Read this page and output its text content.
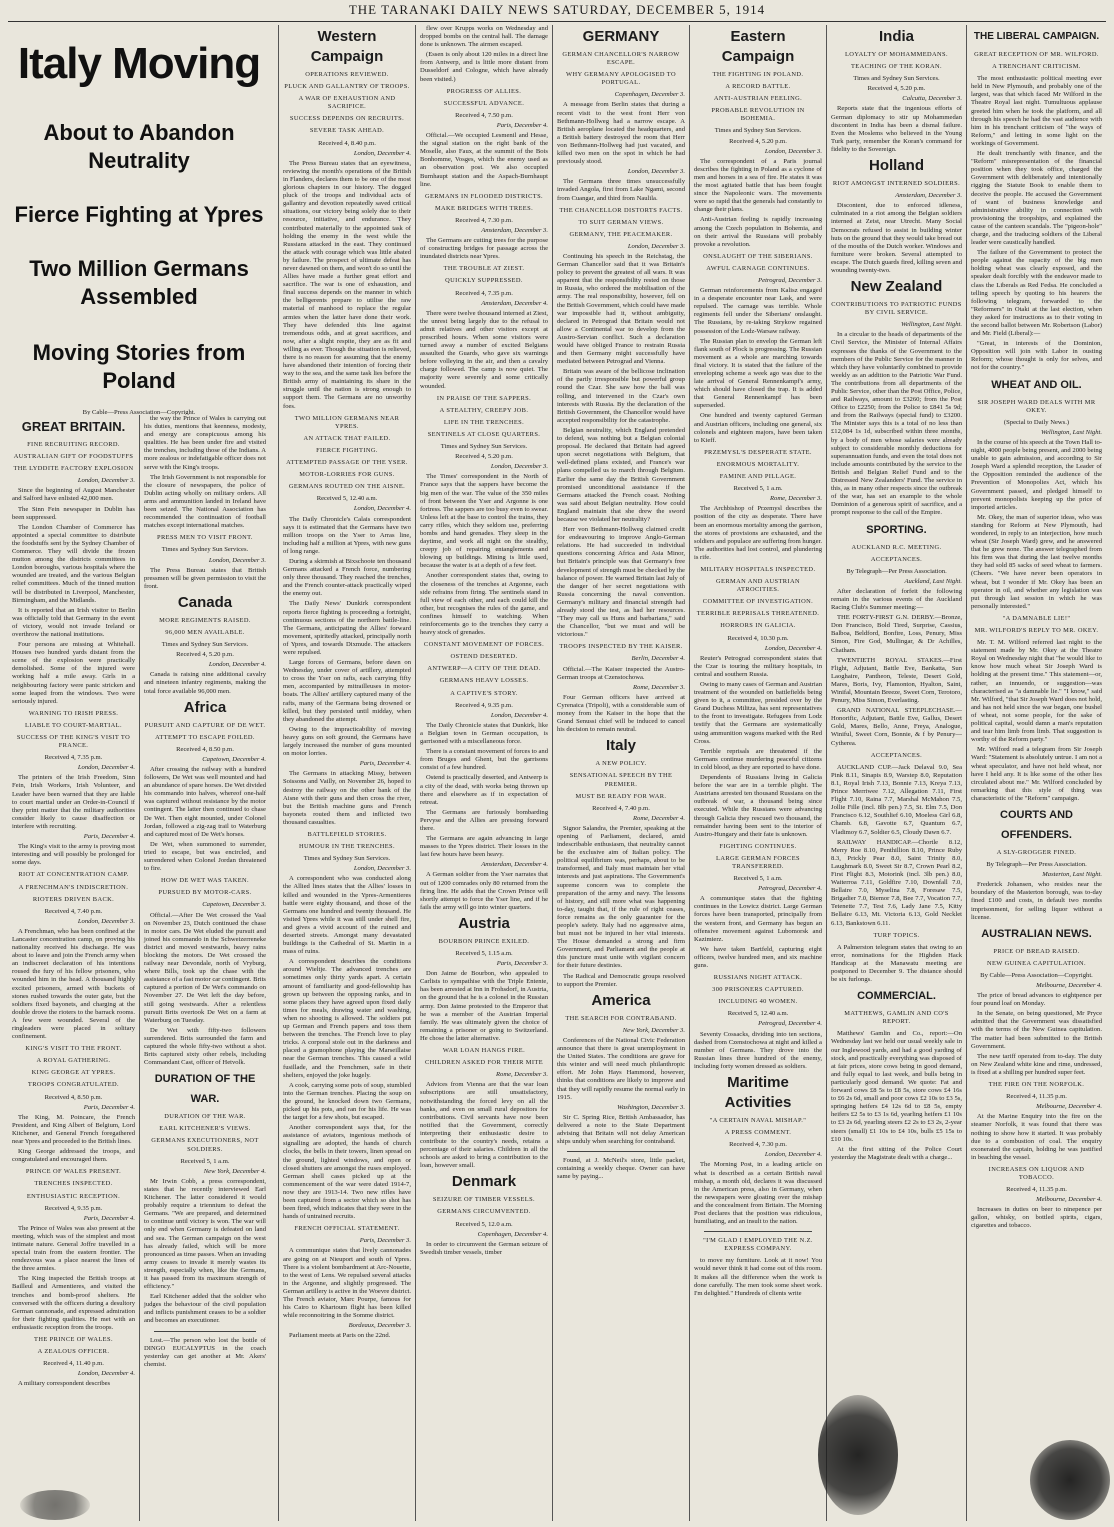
THE TARANAKI DAILY NEWS SATURDAY, DECEMBER 5, 1914
Italy Moving
About to Abandon Neutrality
Fierce Fighting at Ypres
Two Million Germans Assembled
Moving Stories from Poland
By Cable—Press Association—Copyright.
GREAT BRITAIN.
FINE RECRUITING RECORD.
AUSTRALIAN GIFT OF FOODSTUFFS
THE LYDDITE FACTORY EXPLOSION
London, December 3.

Since the beginning of August Manchester and Salford have enlisted 42,000 men.

The Sinn Fein newspaper in Dublin has been suppressed.

The London Chamber of Commerce has appointed a special committee to distribute the foodstuffs sent by the Sydney Chamber of Commerce. They will divide the frozen mutton among the districts committees in London boroughs, various hospitals where the wounded are treated, and the various Belgian relief committees. Much of the tinned mutton will be distributed in Liverpool, Manchester, Birmingham, and the Midlands.

It is reported that an Irish visitor to Berlin was officially told that Germany in the event of victory, would not invade Ireland or overthrow the national institutions.

Four persons are missing at Whitehall. Houses two hundred yards distant from the scene of the explosion were practically demolished. Some of the injured were working half a mile away. Girls in a neighbouring factory were panic stricken and some leaped from the windows. Two were seriously injured.

WARNING TO IRISH PRESS.
LIABLE TO COURT-MARTIAL.
SUCCESS OF THE KING'S VISIT TO FRANCE.
Received 4, 7.35 p.m.
London, December 4.

The printers of the Irish Freedom, Sinn Fein, Irish Workers, Irish Volunteer, and Leader have been warned that they are liable to court martial under an Order-in-Council if they print matter that the military authorities consider likely to cause disaffection or interfere with recruiting.

Paris, December 4.

The King's visit to the army is proving most interesting and will possibly be prolonged for some days.

RIOT AT CONCENTRATION CAMP.
A FRENCHMAN'S INDISCRETION.
RIOTERS DRIVEN BACK.
Received 4, 7.40 p.m.
London, December 3.

A Frenchman, who has been confined at the Lancaster concentration camp, on proving his nationality received his discharge. He was about to leave and join the French army when an indiscreet declaration of his intentions roused the fury of his fellow prisoners, who wounded him in the head. A thousand highly excited prisoners, armed with buckets of stones rushed towards the outer gate, but the soldiers fixed bayonets, and charging at the double drove the rioters to the barrack rooms. A few were wounded. Several of the ringleaders were placed in solitary confinement.

KING'S VISIT TO THE FRONT.
A ROYAL GATHERING.
KING GEORGE AT YPRES.
TROOPS CONGRATULATED.
Received 4, 8.50 p.m.
Paris, December 4.

The King, M. Poincare, the French President, and King Albert of Belgium, Lord Kitchener, and General French foregathered near Ypres and proceeded to the British lines.

King George addressed the troops, and congratulated and encouraged them.

PRINCE OF WALES PRESENT.
TRENCHES INSPECTED.
ENTHUSIASTIC RECEPTION.
Received 4, 9.35 p.m.
Paris, December 4.

The Prince of Wales was also present at the meeting, which was of the simplest and most intimate nature. General Joffre travelled in a special train from the eastern frontier. The rendezvous was a place nearest the lines of the three armies.

The King inspected the British troops at Bailleul and Armentieres, and visited the trenches and bomb-proof shelters. He conversed with the officers during a desultory German cannonade, and expressed admiration for their fighting qualities. He met with an enthusiastic reception from the troops.

THE PRINCE OF WALES.
A ZEALOUS OFFICER.
Received 4, 11.40 p.m.
London, December 4.

A military correspondent describes

the way the Prince of Wales is carrying out his duties, mentions that keenness, modesty, and energy are conspicuous among his qualities. He has been under fire and visited the trenches, including those of the Indians. A more zealous or indefatigable officer does not serve with the King's troops.

The Irish Government is not responsible for the closure of newspapers, the police of Dublin acting wholly on military orders. All arms and ammunition landed in Ireland have been seized. The National Association has recommended the continuation of football matches except international matches.

PRESS MEN TO VISIT FRONT.
Times and Sydney Sun Services.
London, December 3.

The Press Bureau states that British pressmen will be given permission to visit the front.

Canada
MORE REGIMENTS RAISED.
96,000 MEN AVAILABLE.
Times and Sydney Sun Services.
Received 4, 5.20 p.m.
London, December 4.

Canada is raising nine additional cavalry and nineteen infantry regiments, making the total force available 96,000 men.

Africa
PURSUIT AND CAPTURE OF DE WET.
ATTEMPT TO ESCAPE FOILED.
Received 4, 8.50 p.m.
Capetown, December 4.

After crossing the railway with a hundred followers, De Wet was well mounted and had an abundance of spare horses. De Wet divided his commando into halves, whereof one-half was captured without resistance by the motor contingent. The latter then continued to chase De Wet. Then eight mounted, under Colonel Jordan, followed a zig-zag trail to Waterburg and captured most of De Wet's horses.

De Wet, when summoned to surrender, tried to escape, but was encircled, and surrendered when Colonel Jordan threatened to fire.

HOW DE WET WAS TAKEN.
PURSUED BY MOTOR-CARS.
Capetown, December 3.

Official.—After De Wet crossed the Vaal on November 23, Dutch continued the chase in motor cars. De Wet eluded the pursuit and joined his commando in the Schweizerreneke district and moved westwards, heavy rains blocking the motors. De Wet crossed the railway near Devondale, north of Vryburg, where Bills, took up the chase with the assistance of a fast motor car contingent. Brits captured a portion of De Wet's commando on November 27. De Wet left the day before, still going westwards. After a relentless pursuit Brits overtook De Wet on a farm at Waterburg on Tuesday.

De Wet with fifty-two followers surrendered. Brits surrounded the farm and captured the whole fifty-two without a shot. Brits captured sixty other rebels, including Commandant Cast, officer of Hetvolk.

DURATION OF THE WAR.
DURATION OF THE WAR.
EARL KITCHENER'S VIEWS.
GERMANS EXECUTIONERS, NOT SOLDIERS.
Received 5, 1 a.m.
New York, December 4.

Mr Irwin Cobb, a press correspondent, states that he recently interviewed Earl Kitchener. The latter considered it would probably require a triennium to defeat the Germans. "We are prepared, and determined to continue until victory is won. The war will only end when Germany is defeated on land and sea. The German campaign on the west has already failed, which will be more pronounced as time passes. When an invading army ceases to invade it merely wastes its strength, especially when, like the Germans, it has passed from its maximum strength of efficiency."

Earl Kitchener added that the soldier who judges the behaviour of the civil population and inflicts punishment ceases to be a soldier and becomes an executioner.

Lost.—The person who lost the bottle of DINGO EUCALYPTUS in the coach yesterday can get another at Mr. Akers' chemist.

Western Campaign
OPERATIONS REVIEWED.
PLUCK AND GALLANTRY OF TROOPS.
A WAR OF EXHAUSTION AND SACRIFICE.
SUCCESS DEPENDS ON RECRUITS.
SEVERE TASK AHEAD.
Received 4, 8.40 p.m.
London, December 4.

The Press Bureau states that an eyewitness, reviewing the month's operations of the British in Flanders, declares them to be one of the most glorious chapters in our history. The dogged pluck of the troops and individual acts of gallantry and devotion repeatedly saved critical situations, our victory being solely due to their resource, initiative, and endurance. They contributed materially to the appointed task of holding the enemy in the west while the Russians attacked in the east. They continued the attack with courage which was little abated by failure. The prospect of ultimate defeat has never dawned on them, and won't do so until the Allies have made a further great effort and sacrifice. The war is one of exhaustion, and final success depends on the manner in which the belligerents prepare to utilise the raw material of manhood to replace the regular armies when the latter have done their work. They have defended this line against tremendous odds, and at great sacrifices, and now, after a slight respite, they are as fit and willing as ever. Though the situation is relieved, there is no reason for assuming that the enemy have abandoned their intention of forcing their way to the sea, and the same task lies before the British army of maintaining its share in the struggle until the nation is strong enough to support them. The Germans are no unworthy foes.

TWO MILLION GERMANS NEAR YPRES.
AN ATTACK THAT FAILED.
FIERCE FIGHTING.
ATTEMPTED PASSAGE OF THE YSER.
MOTOR-LORRIES FOR GUNS.
GERMANS ROUTED ON THE AISNE.
Received 5, 12.40 a.m.
London, December 4.

The Daily Chronicle's Calais correspondent says it is estimated that the Germans have two million troops on the Yser to Arras line, including half a million at Ypres, with new guns of long range.

During a skirmish at Bixschoote ten thousand Germans attacked a French force, numbering only three thousand. They reached the trenches, and the French counter-attack practically wiped the enemy out.

The Daily News' Dunkirk correspondent reports fierce fighting is proceeding a fortnight, continuous sections of the northern battle-line. The Germans, anticipating the Allies' forward movement, spiritedly attacked, principally north of Ypres, and towards Dixmude. The attackers were repulsed.

Large forces of Germans, before dawn on Wednesday, under cover of artillery, attempted to cross the Yser on rafts, each carrying fifty men, accompanied by mitrailleuses in motor-boats. The Allies' artillery captured many of the rafts, many of the Germans being drowned or killed, but they persisted until midday, when they abandoned the attempt.

Owing to the impracticability of moving heavy guns on soft ground, the Germans have largely increased the number of guns mounted on motor lorries.

Paris, December 4.

The Germans in attacking Missy, between Soissons and Vailly, on November 26, hoped to destroy the railway on the other bank of the Aisne with their guns and then cross the river, but the British machine guns and French bayonets routed them and inflicted two thousand casualties.

BATTLEFIELD STORIES.
HUMOUR IN THE TRENCHES.
Times and Sydney Sun Services.
London, December 3.

A correspondent who was conducted along the Allied lines states that the Allies' losses in killed and wounded in the Ypres-Armentieres battle were eighty thousand, and those of the Germans one hundred and twenty thousand. He visited Ypres while it was still under shell fire, and gives a vivid account of the ruined and deserted streets. Amongst many devastated buildings is the Cathedral of St. Martin in a mass of ruins.

A correspondent describes the conditions around Wieltje. The advanced trenches are sometimes only thirty yards apart. A certain amount of familiarity and good-fellowship has grown up between the opposing ranks, and in some places they have agreed upon fixed daily times for meals, drawing water and washing, when no shooting is allowed. The soldiers put up German and French papers and toss them between the trenches. The French love to play tricks. A corporal stole out in the darkness and placed a gramophone playing the Marseillaise near the German trenches. This caused a wild fusillade, and the Frenchmen, safe in their shelters, enjoyed the joke hugely.

A cook, carrying some pots of soup, stumbled into the German trenches. Placing the soup on the ground, he knocked down two Germans, picked up his pots, and ran for his life. He was the target for a few shots, but escaped.

Another correspondent says that, for the assistance of aviators, ingenious methods of signalling are adopted, the hands of church clocks, the bells in their towers, linen spread on the ground, lighted windows, and open or closed shutters are amongst the ruses employed. German shell cases picked up at the commencement of the war were dated 1914-7, now they are 1913-14. Two new rifles have been captured from a sector which so shot has been fired, which indicates that they were in the hands of untrained recruits.

FRENCH OFFICIAL STATEMENT.
Paris, December 3.

A communique states that lively cannonades are going on at Nieuport and south of Ypres. There is a violent bombardment at Arc-Nouette, to the west of Lens. We repulsed several attacks in the Argonne, and slightly progressed. The German artillery is active in the Woevre district. The French aviator, Marc Pourpe, famous for his Cairo to Khartoum flight has been killed while reconnoitring in the Somme district.

Bordeaux, December 3.

Parliament meets at Paris on the 22nd.

flew over Krupps works on Wednesday and dropped bombs on the central hall. The damage done is unknown. The airmen escaped.

(Essen is only about 120 miles in a direct line from Antwerp, and is little more distant from Dusseldorf and Cologne, which have already been visited.)

PROGRESS OF ALLIES.
SUCCESSFUL ADVANCE.
Received 4, 7.50 p.m.
Paris, December 4.

Official.—We occupied Lesmenil and Hesse, the signal station on the right bank of the Moselle, also Faux, at the summit of the Bois Bonhomme, Vosges, which the enemy used as an observation post. We also occupied Burnhaupt station and the Aspach-Burnhaupt line.

GERMANS IN FLOODED DISTRICTS.
MAKE BRIDGES WITH TREES.
Received 4, 7.30 p.m.
Amsterdam, December 3.

The Germans are cutting trees for the purpose of constructing bridges for passage across the inundated districts near Ypres.

THE TROUBLE AT ZIEST.
QUICKLY SUPPRESSED.
Received 4, 7.35 p.m.
Amsterdam, December 4.

There were twelve thousand interned at Ziest, the unrest being largely due to the refusal to admit relatives and other visitors except at prescribed hours. When some visitors were turned away a number of excited Belgians assaulted the Guards, who gave six warnings before volleying in the air, and then a cavalry charge followed. The camp is now quiet. The majority were severely and some critically wounded.

IN PRAISE OF THE SAPPERS.
A STEALTHY, CREEPY JOB.
LIFE IN THE TRENCHES.
SENTINELS AT CLOSE QUARTERS.
Times and Sydney Sun Services.
Received 4, 5.20 p.m.
London, December 3.

The Times' correspondent in the North of France says that the sappers have become the big men of the war. The value of the 350 miles of front between the Yser and Argonne is one fortress. The sappers are too busy even to swear. Unless left at the base to control the trains, they carry rifles, which they seldom use, preferring bombs and hand grenades. They sleep in the daytime, and work all night on the stealthy, creepy job of repairing entanglements and blowing up buildings. Mining is little used, because the water is at a depth of a few feet.

Another correspondent states that, owing to the closeness of the trenches at Argonne, each side refrains from firing. The sentinels stand in full view of each other, and each could kill the other, but recognises the rules of the game, and confines himself to watching. When reinforcements go to the trenches they carry a heavy stock of grenades.

CONSTANT MOVEMENT OF FORCES.
OSTEND DESERTED.
ANTWERP—A CITY OF THE DEAD.
GERMANS HEAVY LOSSES.
A CAPTIVE'S STORY.
Received 4, 9.35 p.m.
London, December 4.

The Daily Chronicle states that Dunkirk, like a Belgian town in German occupation, is garrisoned with a miscellaneous force.

There is a constant movement of forces to and from Bruges and Ghent, but the garrisons consist of a few hundred.

Ostend is practically deserted, and Antwerp is a city of the dead, with works being thrown up there and elsewhere as if in expectation of retreat.

The Germans are furiously bombarding Pervyse and the Allies are pressing forward there.

The Germans are again advancing in large masses to the Ypres district. Their losses in the last few hours have been heavy.

Amsterdam, December 4.

A German soldier from the Yser narrates that out of 1200 comrades only 80 returned from the firing line. He adds that the Crown Prince will shortly attempt to force the Yser line, and if he fails the army will go into winter quarters.

Austria
BOURBON PRINCE EXILED.
Received 5, 1.15 a.m.
Paris, December 3.

Don Jaime de Bourbon, who appealed to Carlists to sympathise with the Triple Entente, has been arrested at Inn in Frohsdorf, in Austria, on the ground that he is a colonel in the Russian army. Don Jaime protested to the Emperor that he was a member of the Austrian Imperial family. He was ultimately given the choice of remaining a prisoner or going to Switzerland. He chose the latter alternative.

WAR LOAN HANGS FIRE.
CHILDREN ASKED FOR THEIR MITE
Rome, December 3.

Advices from Vienna are that the war loan subscriptions are still unsatisfactory, notwithstanding the forced levy on all the banks, and even on small rural depositors for contributions. Civil servants have now been notified that the Government, correctly interpreting their enthusiastic desire to contribute to the country's needs, retains a percentage of their salaries. Children in all the schools are asked to bring a contribution to the loan, however small.

Denmark
SEIZURE OF TIMBER VESSELS.
GERMANS CIRCUMVENTED.
Received 5, 12.0 a.m.
Copenhagen, December 4.

In order to circumvent the German seizure of Swedish timber vessels, timber

GERMANY
GERMAN CHANCELLOR'S NARROW ESCAPE.
WHY GERMANY APOLOGISED TO PORTUGAL.
Copenhagen, December 3.

A message from Berlin states that during a recent visit to the west front Herr von Bethmann-Hollweg had a narrow escape. A British aeroplane located the headquarters, and a British battery destroyed the room that Herr von Bethmann-Hollweg had just vacated, and killed two men on the spot in which he had previously stood.

London, December 3.

The Germans three times unsuccessfully invaded Angola, first from Lake Ngami, second from Cuangar, and third from Naulila.

THE CHANCELLOR DISTORTS FACTS.
TO SUIT GERMAN VIEWS.
GERMANY, THE PEACEMAKER.
London, December 3.

Continuing his speech in the Reichstag, the German Chancellor said that it was Britain's policy to prevent the greatest of all wars. It was apparent that the responsibility rested on those in Russia, who ordered the mobilisation of the army. The real responsibility, however, fell on the British Government, which could have made war impossible had it, without ambiguity, declared in Petrograd that Britain would not allow a Continental war to develop from the Austro-Servian conflict. Such a declaration would have obliged France to restrain Russia and then Germany might successfully have mediated between Petrograd and Vienna.

Britain was aware of the bellicose inclination of the partly irresponsible but powerful group round the Czar. She saw how the ball was rolling, and intervened in the Czar's own interests with Russia. By the declaration of the British Government, the Chancellor would have accepted responsibility for the catastrophe.

Belgian neutrality, which England pretended to defend, was nothing but a Belgian colonial proposal. He declared that Britain had agreed upon secret negotiations with Belgium, that well-defined plans existed, and France's war plans compelled us to march through Belgium. Earlier the same day the British Government promised unconditional assistance if the Germans attacked the French coast. Nothing was said about Belgian neutrality. How could England maintain that she drew the sword because we violated her neutrality?

Herr von Bethmann-Hollweg claimed credit for endeavouring to improve Anglo-German relations. He had succeeded in individual questions concerning Africa and Asia Minor, but Britain's principle was that Germany's free development of strength must be checked by the balance of power. He warned Britain last July of the danger of her secret negotiations with Russia concerning the naval convention. Germany's military and financial strength had already stood the test, as had her resources. "They may call us Huns and barbarians," said the Chancellor, "but we must and will be victorious."

TROOPS INSPECTED BY THE KAISER.
Berlin, December 4.

Official.—The Kaiser inspected the Austro-German troops at Czenstochowa.

Rome, December 3.

Four German officers have arrived at Cyrenaica (Tripoli), with a considerable sum of money from the Kaiser in the hope that the Grand Senussi chief will be induced to cancel his decision to remain neutral.

Italy
A NEW POLICY.
SENSATIONAL SPEECH BY THE PREMIER.
MUST BE READY FOR WAR.
Received 4, 7.40 p.m.
Rome, December 4.

Signor Salandra, the Premier, speaking at the opening of Parliament, declared, amid indescribable enthusiasm, that neutrality cannot be the exclusive aim of Italian policy. The political equilibrium was, perhaps, about to be transformed, and Italy must maintain her vital interests and just aspirations. The Government's supreme concern was to complete the preparation of the army and navy. The lessons of history, and still more what was happening to-day, taught that, if the rule of right ceases, force remains as the only guarantee for the people's safety. Italy had no aggressive aims, but must not be injured in her vital interests. The House demanded a strong and firm Government, and Parliament and the people at this juncture must unite with vigilant concern for their future destinies.

The Radical and Democratic groups resolved to support the Premier.

America
THE SEARCH FOR CONTRABAND.
New York, December 3.

Conferences of the National Civic Federation announce that there is great unemployment in the United States. The conditions are grave for this winter and will need much philanthropic effort. Mr John Hays Hammond, however, thinks that conditions are likely to improve and that they will rapidly resume the normal early in 1915.

Washington, December 3.

Sir C. Spring Rice, British Ambassador, has delivered a note to the State Department advising that Britain will not delay American ships unduly when searching for contraband.

Found, at J. McNeil's store, little packet, containing a weekly cheque. Owner can have same by paying...

Eastern Campaign
THE FIGHTING IN POLAND.
A RECORD BATTLE.
ANTI-AUSTRIAN FEELING.
PROBABLE REVOLUTION IN BOHEMIA.
Times and Sydney Sun Services.
Received 4, 5.20 p.m.
London, December 3.

The correspondent of a Paris journal describes the fighting in Poland as a cyclone of men and horses in a sea of fire. He states it was the most agitated battle that has been fought since the Napoleonic wars. The movements were so rapid that the generals had constantly to change their plans.

Anti-Austrian feeling is rapidly increasing among the Czech population in Bohemia, and on their arrival the Russians will probably provoke a revolution.

ONSLAUGHT OF THE SIBERIANS.
AWFUL CARNAGE CONTINUES.
Petrograd, December 3.

German reinforcements from Kalisz engaged in a desperate encounter near Lask, and were repulsed. The carnage was terrible. Whole regiments fell under the Siberians' onslaught. The Russians, by re-taking Strykow regained possession of the Lodz-Warsaw railway.

The Russian plan to envelop the German left flank south of Plock is progressing. The Russian movement as a whole are marching towards final victory. It is stated that the failure of the enveloping scheme a week ago was due to the late arrival of General Rennenkampf's army, which should have closed the trap. It is added that General Rennenkampf has been superseded.

One hundred and twenty captured German and Austrian officers, including one general, six colonels and eighteen majors, have been taken to Kieff.

PRZEMYSL'S DESPERATE STATE.
ENORMOUS MORTALITY.
FAMINE AND PILLAGE.
Received 5, 1 a.m.
Rome, December 3.

The Archbishop of Przemysl describes the position of the city as desperate. There have been an enormous mortality among the garrison, the stores of provisions are exhausted, and the soldiers and populace are suffering from hunger. The authorities had lost control, and plundering is rife.

MILITARY HOSPITALS INSPECTED.
GERMAN AND AUSTRIAN ATROCITIES.
COMMITTEE OF INVESTIGATION.
TERRIBLE REPRISALS THREATENED.
HORRORS IN GALICIA.
Received 4, 10.30 p.m.
London, December 4.

Reuter's Petrograd correspondent states that the Czar is touring the military hospitals, in central and southern Russia.

Owing to many cases of German and Austrian treatment of the wounded on battlefields being given to it, a committee, presided over by the Grand Duchess Militza, has sent representatives to the front to investigate. Refugees from Lodz testify that the Germans are systematically using ammunition wagons marked with the Red Cross.

Terrible reprisals are threatened if the Germans continue murdering peaceful citizens in cold blood, as they are reported to have done.

Dependents of Russians living in Galicia before the war are in a terrible plight. The Austrians arrested ten thousand Russians on the outbreak of war, a thousand being since executed. While the Russians were advancing through Galicia they rescued two thousand, the remainder having been sent to the interior of Austro-Hungary and their fate is unknown.

FIGHTING CONTINUES.
LARGE GERMAN FORCES TRANSFERRED.
Received 5, 1 a.m.
Petrograd, December 4.

A communique states that the fighting continues in the Lowicz district. Large German forces have been transported, principally from the western front, and Germany has begun an offensive movement against Lubomorsk and Kazimierz.

We have taken Bartfeld, capturing eight officers, twelve hundred men, and six machine guns.

RUSSIANS NIGHT ATTACK.
300 PRISONERS CAPTURED.
INCLUDING 40 WOMEN.
Received 5, 12.40 a.m.
Petrograd, December 4.

Seventy Cossacks, dividing into ten sections, dashed from Czenstochowa at night and killed a number of Germans. They drove into the Russian lines three hundred of the enemy, including forty women dressed as soldiers.

Maritime Activities
"A CERTAIN NAVAL MISHAP."
A PRESS COMMENT.
Received 4, 7.30 p.m.
London, December 4.

The Morning Post, in a leading article on what is described as a certain British naval mishap, a month old, declares it was discussed in the American press, also in Germany, when the newspapers were gloating over the mishap and the concealment from Britain. The Morning Post declares that the position was ridiculous, humiliating, and an insult to the nation.

"I'M GLAD I EMPLOYED THE N.Z. EXPRESS COMPANY.

to move my furniture. Look at it now! You would never think it had come out of this room. It makes all the difference when the work is done carefully. The men took some sheet work. I'm delighted." Hundreds of clients write

India
LOYALTY OF MOHAMMEDANS.
TEACHING OF THE KORAN.
Times and Sydney Sun Services.
Received 4, 5.20 p.m.
Calcutta, December 3.

Reports state that the ingenious efforts of German diplomacy to stir up Mohammedan discontent in India has been a dismal failure. Even the Moslems who believed in the Young Turk party, remember the Koran's command for fidelity to the Sovereign.

Holland
RIOT AMONGST INTERNED SOLDIERS.
Amsterdam, December 3.

Discontent, due to enforced idleness, culminated in a riot among the Belgian soldiers interned at Zeist, near Utrecht. Many Social Democrats refused to assist in building winter huts on the ground that they would take bread out of the mouths of the Dutch worker. Windows and furniture were broken. Several attempted to escape. The Dutch guards fired, killing seven and wounding twenty-two.

New Zealand
CONTRIBUTIONS TO PATRIOTIC FUNDS BY CIVIL SERVICE.
Wellington, Last Night.

In a circular to the heads of departments of the Civil Service, the Minister of Internal Affairs expresses the thanks of the Government to the members of the Public Service for the manner in which they have voluntarily combined to provide weekly as an addition to the Patriotic War Fund. The contributions from all departments of the Public Service, other than the Post Office, Police, and Railways, amount to £3260; from the Post Office to £2250; from the Police to £841 5s 9d; and from the Railways (special fund) to £3200. The Minister says this is a total of no less than £12,084 1s 1d, subscribed within three months, by a body of men whose salaries were already subject to considerable monthly deductions for superannuation funds, and even the total does not include amounts contributed by the service to the British and Belgian Relief Fund and to the Distressed New Zealanders' Fund. The service in this, as in many other respects since the outbreak of the war, has set an example to the whole Dominion of a generous spirit of sacrifice, and a prompt response to the call of the Empire.

SPORTING.
AUCKLAND R.C. MEETING.
ACCEPTANCES.
By Telegraph—Per Press Association.
Auckland, Last Night.

After declaration of forfeit the following remain in the various events of the Auckland Racing Club's Summer meeting:—

THE FORTY-FIRST G.N. DERBY.—Bronze, Don Francisco, Bold Tired, Surprise, Cassius, Balboa, Beldford, Bonfire, Loss, Penury, Miss Simon, Fire God, Mullingar, & Dr Achilles, Chatham.

TWENTIETH ROYAL STAKES.—First Flight, Adjutant, Battle Eve, Bankatta, Sun Laoghaire, Pantheon, Teleste, Desert Gold, Mares, Boris, Ivy, Flamonton, Hyalton, Saint, Winifal, Mountain Breeze, Sweet Corn, Terotoro, Penury, Miss Simon, Everlasting.

GRAND NATIONAL STEEPLECHASE.—Honorific, Adjutant, Battle Eve, Gallus, Desert Gold, Mares, Bello, Anne, Freya, Analogue, Winiful, Sweet Corn, Bonnie, & f by Penury—Cytherea.

ACCEPTANCES.

AUCKLAND CUP.—Jack Delaval 9.0, Sea Pink 8.11, Sinapis 8.9, Warstep 8.0, Reputation 8.1, Royal Irish 7.13, Bonnie 7.13, Kreya 7.13, Prince Merriwee 7.12, Allegation 7.11, First Flight 7.10, Raina 7.7, Marshal McMahon 7.5, Jollie Fille (incl. 8lb pen.) 7.5, St. Elm 7.5, Don Francisco 6.12, Southlief 6.10, Moeless Girl 6.8, Chamb. 6.8, Gavotte 6.7, Quantum 6.7, Vladimoy 6.7, Soldier 6.5, Cloudy Dawn 6.7.

RAILWAY HANDICAP.—Chortle 8.12, Merry Roe 8.10, Penthillion 8.10, Prince Ruby 8.3, Prickly Pear 8.0, Saint Trinity 8.0, Laughmark 8.0, Sweet Sir 8.7, Crown Pearl 8.2, First Flight 8.3, Motorink (incl. 3lb pen.) 8.0, Waiterroa 7.11, Goldfire 7.10, Downfall 7.0, Bellaire 7.0, Myselina 7.8, Foresaw 7.5, Brigadier 7.0, Biemor 7.8, Bee 7.7, Vocation 7.7, Tetenette 7.7, Test 7.6, Lady Jane 7.5, Kitty Bellaire 6.13, Mt. Victoria 6.13, Gold Necklet 6.13, Bankstown 6.11.

TURF TOPICS.

A Palmerston telegram states that owing to an error, nominations for the Highden Hack Handicap at the Manawatu meeting are postponed to December 9. The distance should be six furlongs.

COMMERCIAL.
MATTHEWS, GAMLIN AND CO'S REPORT.

Matthews' Gamlin and Co., report:—On Wednesday last we held our usual weekly sale in our Inglewood yards, and had a good yarding of stock, and practically everything was disposed of at fair prices, store cows being in good demand, and fully equal to last week, and bulls being in particularly good demand. We quote: Fat and forward cows £8 5s to £8 5s, store cows £4 16s to £6 2s 6d, small and poor cows £2 10s to £3 5s, springing heifers £4 12s 6d to £8 5s, empty heifers £2 5s to £3 1s 6d, yearling heifers £1 10s to £3 2s 6d, yearling steers £2 2s to £3 2s, 2-year steers (small) £1 10s to £4 10s, bulls £5 15s to £10 10s.

At the first sitting of the Police Court yesterday the Magistrate dealt with a charge...

THE LIBERAL CAMPAIGN.
GREAT RECEPTION OF MR. WILFORD.
A TRENCHANT CRITICISM.

The most enthusiastic political meeting ever held in New Plymouth, and probably one of the largest, was that which faced Mr Wilford in the Theatre Royal last night. Tumultuous applause greeted him when he took the platform, and all through his speech he had the vast audience with him in his trenchant criticism of "the ways of Reform," and letting in some light on the workings of Government.

He dealt trenchantly with finance, and the "Reform" misrepresentation of the financial position when they took office, charged the Government with deliberately and intentionally rigging the Statute Book to enable them to deceive the people. He accused the Government of want of business knowledge and administrative ability in connection with provisioning the troopships, and explained the cause of the canteen scandals. The "pigeon-hole" charge, and the traducing soldiers of the Liberal leader were caustically handled.

The failure of the Government to protect the people against the rapacity of the big men holding wheat was clearly exposed, and the speaker dealt forcibly with the endeavor made to class the Liberals as Red Fedsa. He concluded a telling speech by quoting to his hearers the following telegram, forwarded to the "Reformers" in Otaki at the last election, when they asked for instructions as to their voting in the second ballot between Mr. Robertson (Labor) and Mr. Field (Liberal):—

"Great, in interests of the Dominion, Opposition will join with Labor in ousting Reform; whose thought is only for selves, and not for the country."

WHEAT AND OIL.
SIR JOSEPH WARD DEALS WITH MR OKEY.
(Special to Daily News.)
Wellington, Last Night.

In the course of his speech at the Town Hall to-night, 4000 people being present, and 2000 being unable to gain admission, and according to Sir Joseph Ward a splendid reception, the Leader of the Opposition reminded the audience of the Prevention of Monopolies Act, which his Government passed, and pledged himself to prevent monopolists keeping up the price of imported articles.

Mr. Okey, the man of superior ideas, who was standing for Reform at New Plymouth, had wondered, in reply to an interjection, how much wheat (Sir Joseph Ward) grew, and he answered that he grew none. The answer telegraphed from his firm was that during the last twelve months they had sold 85 sacks of seed wheat to farmers. (Cheers. "We have never been operators in wheat, but I wonder if Mr. Okey has been an operator in oil, and whether any legislation was put through last session in which he was personally interested."

"A DAMNABLE LIE!"
MR. WILFORD'S REPLY TO MR. OKEY.

Mr. T. M. Wilford referred last night to the statement made by Mr. Okey at the Theatre Royal on Wednesday night that "he would like to know how much wheat Sir Joseph Ward is holding at the present time." This statement—or, rather, an innuendo, or suggestion—was characterised as "a damnable lie." "I know," said Mr. Wilford, "that Sir Joseph Ward does not hold, and has not held since the war began, one bushel of wheat, not some people, for the sake of political capital, would damn a man's reputation and tear him limb from limb. That suggestion is worthy of the Reform party."

Mr. Wilford read a telegram from Sir Joseph Ward: "Statement is absolutely untrue. I am not a wheat speculator, and have not held wheat, nor have I held any. It is like some of the other lies circulated about me." Mr. Wilford concluded by remarking that this style of thing was characteristic of the "Reform" campaign.

COURTS AND OFFENDERS.
A SLY-GROGGER FINED.
By Telegraph—Per Press Association.
Masterton, Last Night.

Frederick Johansen, who resides near the boundary of the Masterton borough, was to-day fined £100 and costs, in default two months imprisonment, for selling liquor without a license.

AUSTRALIAN NEWS.
PRICE OF BREAD RAISED.
NEW GUINEA CAPITULATION.
By Cable—Press Association—Copyright.
Melbourne, December 4.

The price of bread advances to eightpence per four pound loaf on Monday.

In the Senate, on being questioned, Mr Pryce admitted that the Government was dissatisfied with the terms of the New Guinea capitulation. The matter had been submitted to the British Government.

The new tariff operated from to-day. The duty on New Zealand white kine and rime, undressed, is fixed at a shilling per hundred super feet.

THE FIRE ON THE NORFOLK.
Received 4, 11.35 p.m.
Melbourne, December 4.

At the Marine Enquiry into the fire on the steamer Norfolk, it was found that there was nothing to show how it started. It was probably due to a combustion of coal. The enquiry exonerated the captain, holding he was justified in beaching the vessel.

INCREASES ON LIQUOR AND TOBACCO.
Received 4, 11.35 p.m.
Melbourne, December 4.

Increases in duties on beer to ninepence per gallon, whisky, on bottled spirits, cigars, cigarettes and tobacco.
